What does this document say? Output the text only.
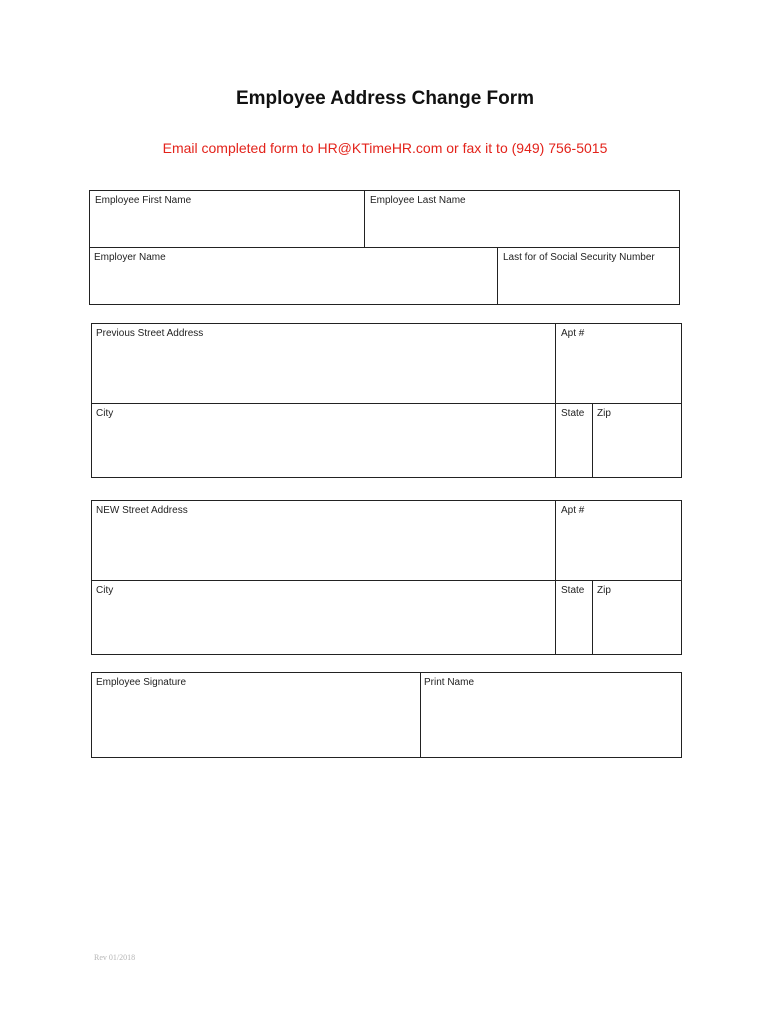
Employee Address Change Form
Email completed form to HR@KTimeHR.com or fax it to (949) 756-5015
Employee First Name	Employee Last Name
Employer Name	Last for of Social Security Number
Previous Street Address	Apt #
City	State Zip
NEW Street Address	Apt #
City	State Zip
Employee Signature	Print Name
Rev 01/2018
